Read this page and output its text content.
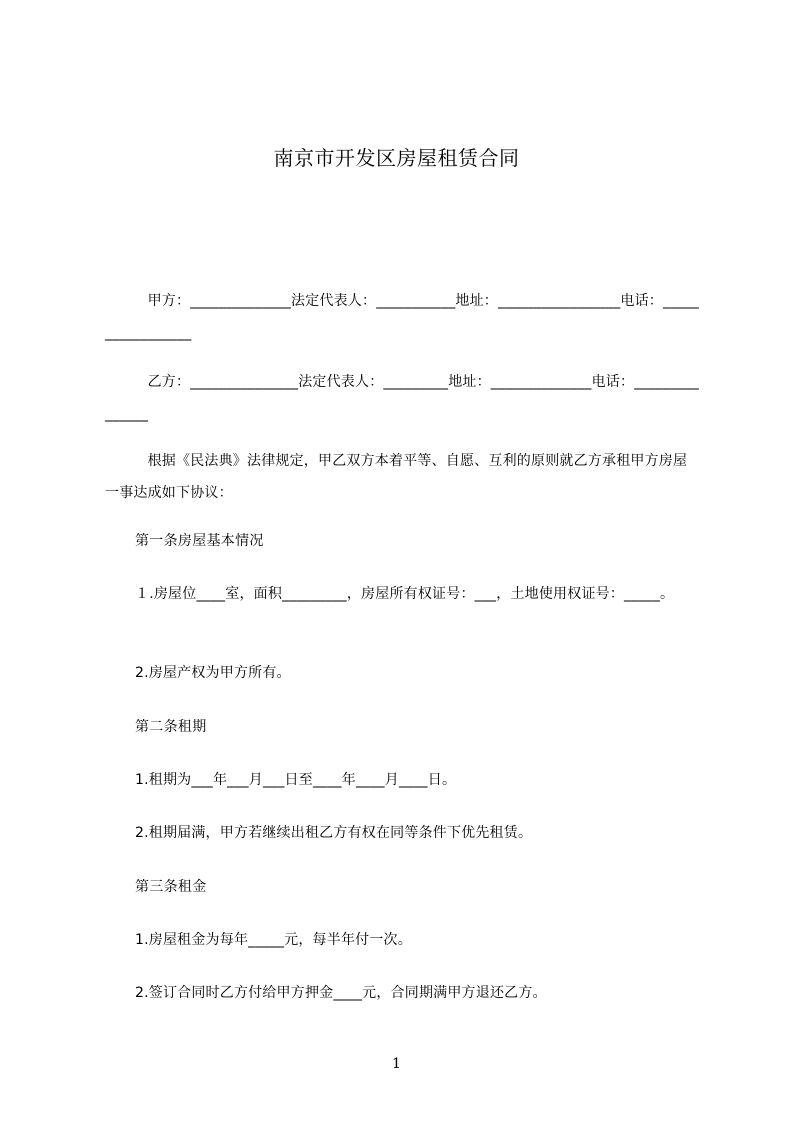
南京市开发区房屋租赁合同
　　　甲方：______________法定代表人：___________地址：_________________电话：_________________
　　　乙方：_______________法定代表人：_________地址：______________电话：_______________
　　　根据《民法典》法律规定，甲乙双方本着平等、自愿、互利的原则就乙方承租甲方房屋一事达成如下协议：
第一条房屋基本情况
１.房屋位____室，面积_________，房屋所有权证号：___，土地使用权证号：_____。
2.房屋产权为甲方所有。
第二条租期
1.租期为___年___月___日至____年____月____日。
2.租期届满，甲方若继续出租乙方有权在同等条件下优先租赁。
第三条租金
1.房屋租金为每年_____元，每半年付一次。
2.签订合同时乙方付给甲方押金____元，合同期满甲方退还乙方。
1
